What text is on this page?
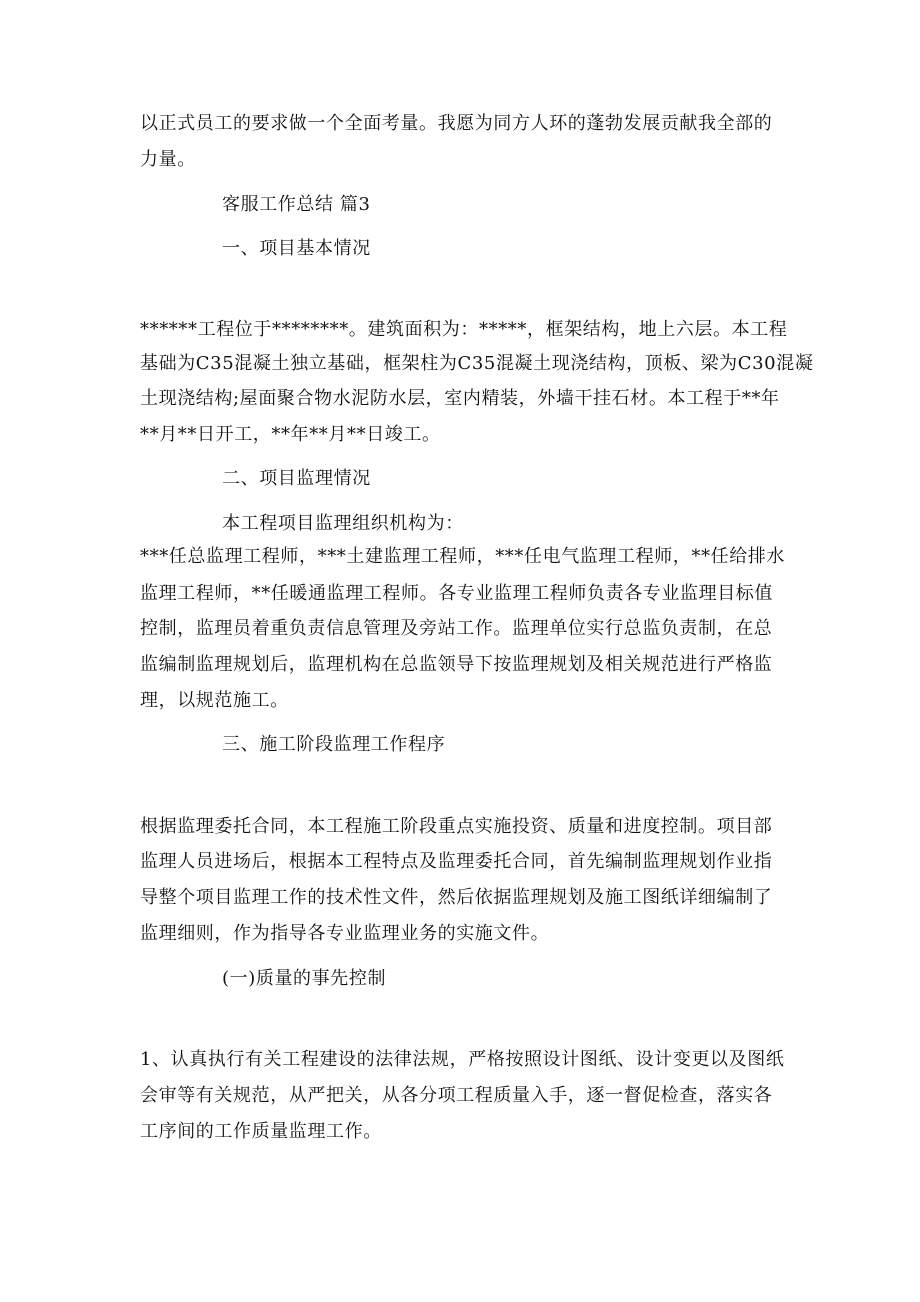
以正式员工的要求做一个全面考量。我愿为同方人环的蓬勃发展贡献我全部的
力量。
客服工作总结 篇3
一、项目基本情况
******工程位于********。建筑面积为：*****，框架结构，地上六层。本工程
基础为C35混凝土独立基础，框架柱为C35混凝土现浇结构，顶板、梁为C30混凝
土现浇结构;屋面聚合物水泥防水层，室内精装，外墙干挂石材。本工程于**年
**月**日开工，**年**月**日竣工。
二、项目监理情况
本工程项目监理组织机构为：
***任总监理工程师，***土建监理工程师，***任电气监理工程师，**任给排水
监理工程师，**任暖通监理工程师。各专业监理工程师负责各专业监理目标值
控制，监理员着重负责信息管理及旁站工作。监理单位实行总监负责制，在总
监编制监理规划后，监理机构在总监领导下按监理规划及相关规范进行严格监
理，以规范施工。
三、施工阶段监理工作程序
根据监理委托合同，本工程施工阶段重点实施投资、质量和进度控制。项目部
监理人员进场后，根据本工程特点及监理委托合同，首先编制监理规划作业指
导整个项目监理工作的技术性文件，然后依据监理规划及施工图纸详细编制了
监理细则，作为指导各专业监理业务的实施文件。
(一)质量的事先控制
1、认真执行有关工程建设的法律法规，严格按照设计图纸、设计变更以及图纸
会审等有关规范，从严把关，从各分项工程质量入手，逐一督促检查，落实各
工序间的工作质量监理工作。
